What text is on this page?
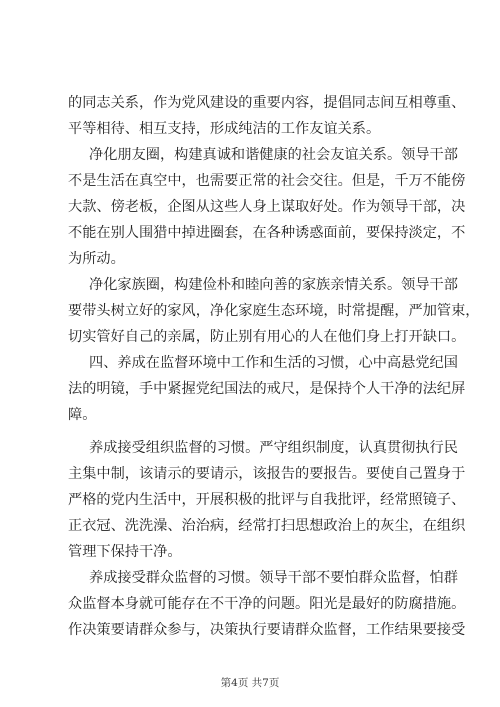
的同志关系，作为党风建设的重要内容，提倡同志间互相尊重、
平等相待、相互支持，形成纯洁的工作友谊关系。
净化朋友圈，构建真诚和谐健康的社会友谊关系。领导干部
不是生活在真空中，也需要正常的社会交往。但是，千万不能傍
大款、傍老板，企图从这些人身上谋取好处。作为领导干部，决
不能在别人围猎中掉进圈套，在各种诱惑面前，要保持淡定，不
为所动。
净化家族圈，构建俭朴和睦向善的家族亲情关系。领导干部
要带头树立好的家风，净化家庭生态环境，时常提醒，严加管束，
切实管好自己的亲属，防止别有用心的人在他们身上打开缺口。
四、养成在监督环境中工作和生活的习惯，心中高悬党纪国
法的明镜，手中紧握党纪国法的戒尺，是保持个人干净的法纪屏
障。
养成接受组织监督的习惯。严守组织制度，认真贯彻执行民
主集中制，该请示的要请示，该报告的要报告。要使自己置身于
严格的党内生活中，开展积极的批评与自我批评，经常照镜子、
正衣冠、洗洗澡、治治病，经常打扫思想政治上的灰尘，在组织
管理下保持干净。
养成接受群众监督的习惯。领导干部不要怕群众监督，怕群
众监督本身就可能存在不干净的问题。阳光是最好的防腐措施。
作决策要请群众参与，决策执行要请群众监督，工作结果要接受
第4页 共7页
